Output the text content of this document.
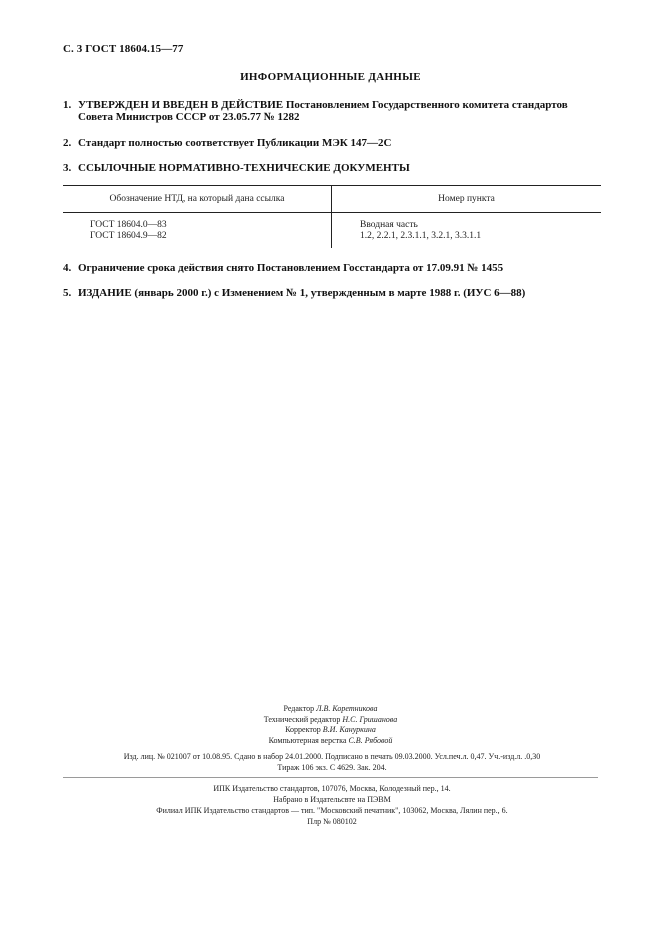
С. 3 ГОСТ 18604.15—77
ИНФОРМАЦИОННЫЕ ДАННЫЕ
1. УТВЕРЖДЕН И ВВЕДЕН В ДЕЙСТВИЕ Постановлением Государственного комитета стандартов
Совета Министров СССР от 23.05.77 № 1282
2. Стандарт полностью соответствует Публикации МЭК 147—2С
3. ССЫЛОЧНЫЕ НОРМАТИВНО-ТЕХНИЧЕСКИЕ ДОКУМЕНТЫ
Обозначение НТД, на который дана ссылка	Номер пункта
ГОСТ 18604.0—83
ГОСТ 18604.9—82
Вводная часть
1.2, 2.2.1, 2.3.1.1, 3.2.1, 3.3.1.1
4. Ограничение срока действия снято Постановлением Госстандарта от 17.09.91 № 1455
5. ИЗДАНИЕ (январь 2000 г.) с Изменением № 1, утвержденным в марте 1988 г. (ИУС 6—88)
Редактор Л.В. Коретникова
Технический редактор Н.С. Гришанова
Корректор В.И. Кануркина
Компьютерная верстка С.В. Рябовой
Изд. лиц. № 021007 от 10.08.95. Сдано в набор 24.01.2000. Подписано в печать 09.03.2000. Усл.печ.л. 0,47. Уч.-изд.л. .0,30
Тираж 106 экз. С 4629. Зак. 204.
ИПК Издательство стандартов, 107076, Москва, Колодезный пер., 14.
Набрано в Издательсвте на ПЭВМ
Филиал ИПК Издательство стандартов — тип. "Московский печатник", 103062, Москва, Лялин пер., 6.
Плр № 080102
